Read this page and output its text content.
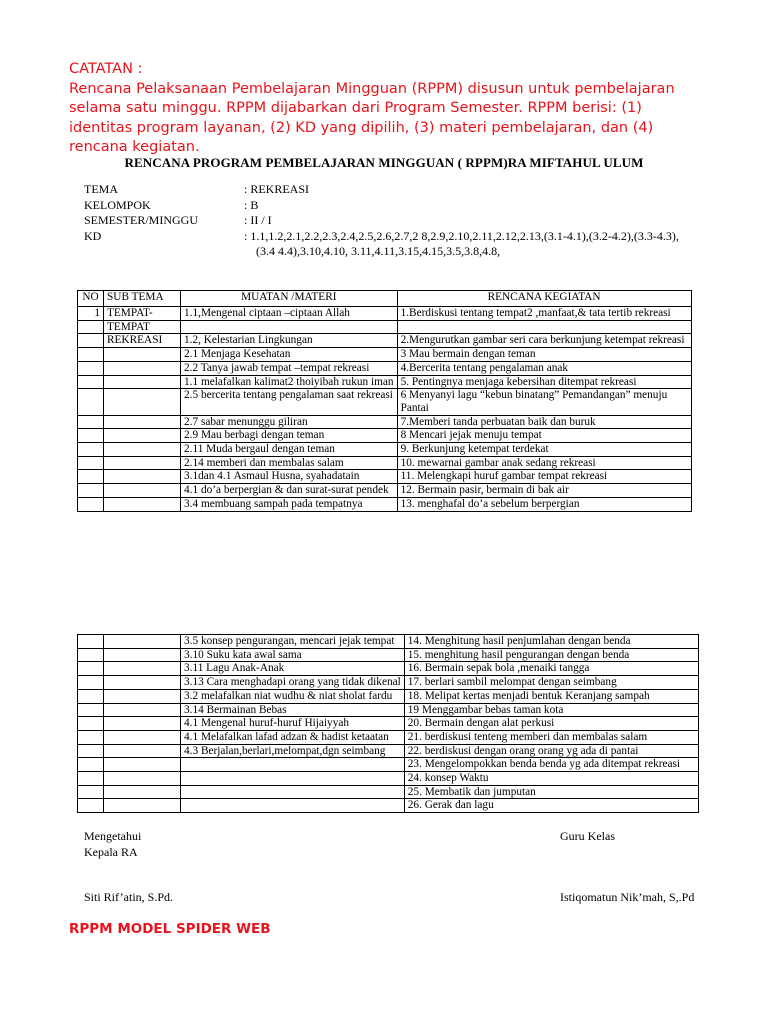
CATATAN :
Rencana Pelaksanaan Pembelajaran Mingguan (RPPM) disusun untuk pembelajaran selama satu minggu. RPPM dijabarkan dari Program Semester. RPPM berisi: (1) identitas program layanan, (2) KD yang dipilih, (3) materi pembelajaran, dan (4) rencana kegiatan.
RENCANA PROGRAM PEMBELAJARAN MINGGUAN ( RPPM)RA MIFTAHUL ULUM
TEMA	: REKREASI
KELOMPOK	: B
SEMESTER/MINGGU	: II / I
KD	: 1.1,1.2,2.1,2.2,2.3,2.4,2.5,2.6,2.7,2 8,2.9,2.10,2.11,2.12,2.13,(3.1-4.1),(3.2-4.2),(3.3-4.3),
(3.4 4.4),3.10,4.10, 3.11,4.11,3.15,4.15,3.5,3.8,4.8,
NO	SUB TEMA	MUATAN /MATERI	RENCANA KEGIATAN
1	TEMPAT-	1.1,Mengenal ciptaan –ciptaan Allah	1.Berdiskusi tentang tempat2 ,manfaat,& tata tertib rekreasi
	TEMPAT		
	REKREASI	1.2, Kelestarian Lingkungan	2.Mengurutkan gambar seri cara berkunjung ketempat rekreasi
		2.1 Menjaga Kesehatan	3 Mau bermain dengan teman
		2.2 Tanya jawab tempat –tempat rekreasi	4.Bercerita tentang pengalaman anak
		1.1 melafalkan kalimat2 thoiyibah rukun iman	5. Pentingnya menjaga kebersihan ditempat rekreasi
		2.5 bercerita tentang pengalaman saat rekreasi	6 Menyanyi lagu “kebun binatang” Pemandangan” menuju Pantai
		2.7 sabar menunggu giliran	7.Memberi tanda perbuatan baik dan buruk
		2.9 Mau berbagi dengan teman	8 Mencari jejak menuju tempat
		2.11 Muda bergaul dengan teman	9. Berkunjung ketempat terdekat
		2.14 memberi dan membalas salam	10. mewarnai gambar anak sedang rekreasi
		3.1dan 4.1 Asmaul Husna, syahadatain	11. Melengkapi huruf gambar tempat rekreasi
		4.1 do’a berpergian & dan surat-surat pendek	12. Bermain pasir, bermain di bak air
		3.4 membuang sampah pada tempatnya	13. menghafal do’a sebelum berpergian
		3.5 konsep pengurangan, mencari jejak tempat	14. Menghitung hasil penjumlahan dengan benda
		3.10 Suku kata awal sama	15. menghitung hasil pengurangan dengan benda
		3.11 Lagu Anak-Anak	16. Bermain sepak bola ,menaiki tangga
		3.13 Cara menghadapi orang yang tidak dikenal	17. berlari sambil melompat dengan seimbang
		3.2 melafalkan niat wudhu & niat sholat fardu	18. Melipat kertas menjadi bentuk Keranjang sampah
		3.14 Bermainan Bebas	19 Menggambar bebas taman kota
		4.1 Mengenal huruf-huruf Hijaiyyah	20. Bermain dengan alat perkusi
		4.1 Melafalkan lafad adzan & hadist ketaatan	21. berdiskusi tenteng memberi dan membalas salam
		4.3 Berjalan,berlari,melompat,dgn seimbang	22. berdiskusi dengan orang orang yg ada di pantai
			23. Mengelompokkan benda benda yg ada ditempat rekreasi
			24. konsep Waktu
			25. Membatik dan jumputan
			26. Gerak dan lagu
Mengetahui
Kepala RA
Siti Rif’atin, S.Pd.
Guru Kelas
Istiqomatun Nik’mah, S,.Pd
RPPM MODEL SPIDER WEB
